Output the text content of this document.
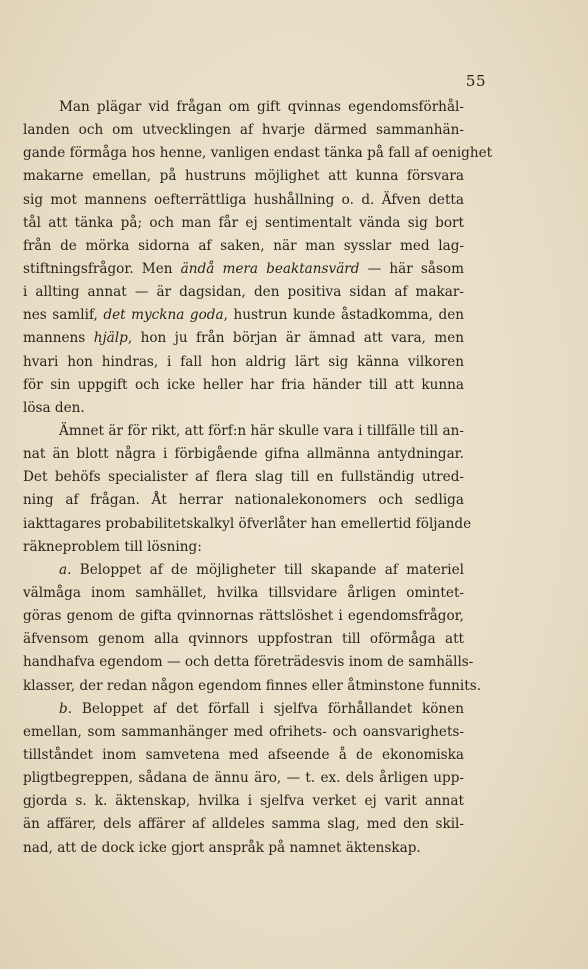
55
Man plägar vid frågan om gift qvinnas egendomsförhål-
landen och om utvecklingen af hvarje därmed sammanhän-
gande förmåga hos henne, vanligen endast tänka på fall af oenighet
makarne emellan, på hustruns möjlighet att kunna försvara
sig mot mannens oefterrättliga hushållning o. d. Äfven detta
tål att tänka på; och man får ej sentimentalt vända sig bort
från de mörka sidorna af saken, när man sysslar med lag-
stiftningsfrågor. Men ändå mera beaktansvärd — här såsom
i allting annat — är dagsidan, den positiva sidan af makar-
nes samlif, det myckna goda, hustrun kunde åstadkomma, den
mannens hjälp, hon ju från början är ämnad att vara, men
hvari hon hindras, i fall hon aldrig lärt sig känna vilkoren
för sin uppgift och icke heller har fria händer till att kunna
lösa den.
Ämnet är för rikt, att förf:n här skulle vara i tillfälle till an-
nat än blott några i förbigående gifna allmänna antydningar.
Det behöfs specialister af flera slag till en fullständig utred-
ning af frågan. Åt herrar nationalekonomers och sedliga
iakttagares probabilitetskalkyl öfverlåter han emellertid följande
räkneproblem till lösning:
a. Beloppet af de möjligheter till skapande af materiel
välmåga inom samhället, hvilka tillsvidare årligen omintet-
göras genom de gifta qvinnornas rättslöshet i egendomsfrågor,
äfvensom genom alla qvinnors uppfostran till oförmåga att
handhafva egendom — och detta företrädesvis inom de samhälls-
klasser, der redan någon egendom finnes eller åtminstone funnits.
b. Beloppet af det förfall i sjelfva förhållandet könen
emellan, som sammanhänger med ofrihets- och oansvarighets-
tillståndet inom samvetena med afseende å de ekonomiska
pligtbegreppen, sådana de ännu äro, — t. ex. dels årligen upp-
gjorda s. k. äktenskap, hvilka i sjelfva verket ej varit annat
än affärer, dels affärer af alldeles samma slag, med den skil-
nad, att de dock icke gjort anspråk på namnet äktenskap.
